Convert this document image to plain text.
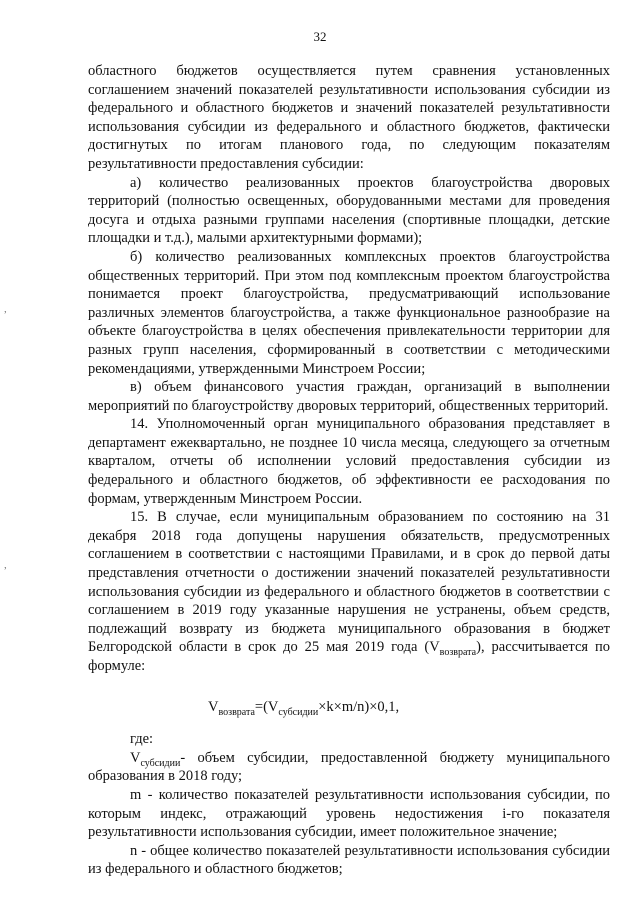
32

областного бюджетов осуществляется путем сравнения установленных соглашением значений показателей результативности использования субсидии из федерального и областного бюджетов и значений показателей результативности использования субсидии из федерального и областного бюджетов, фактически достигнутых по итогам планового года, по следующим показателям результативности предоставления субсидии:

а) количество реализованных проектов благоустройства дворовых территорий (полностью освещенных, оборудованными местами для проведения досуга и отдыха разными группами населения (спортивные площадки, детские площадки и т.д.), малыми архитектурными формами);

б) количество реализованных комплексных проектов благоустройства общественных территорий. При этом под комплексным проектом благоустройства понимается проект благоустройства, предусматривающий использование различных элементов благоустройства, а также функциональное разнообразие на объекте благоустройства в целях обеспечения привлекательности территории для разных групп населения, сформированный в соответствии с методическими рекомендациями, утвержденными Минстроем России;

в) объем финансового участия граждан, организаций в выполнении мероприятий по благоустройству дворовых территорий, общественных территорий.

14. Уполномоченный орган муниципального образования представляет в департамент ежеквартально, не позднее 10 числа месяца, следующего за отчетным кварталом, отчеты об исполнении условий предоставления субсидии из федерального и областного бюджетов, об эффективности ее расходования по формам, утвержденным Минстроем России.

15. В случае, если муниципальным образованием по состоянию на 31 декабря 2018 года допущены нарушения обязательств, предусмотренных соглашением в соответствии с настоящими Правилами, и в срок до первой даты представления отчетности о достижении значений показателей результативности использования субсидии из федерального и областного бюджетов в соответствии с соглашением в 2019 году указанные нарушения не устранены, объем средств, подлежащий возврату из бюджета муниципального образования в бюджет Белгородской области в срок до 25 мая 2019 года $(V_{возврата})$, рассчитывается по формуле:

$V_{возврата}=(V_{субсидии}\times k\times m/n)\times 0,1$,

где:

$V_{субсидии}-$ объем субсидии, предоставленной бюджету муниципального образования в 2018 году;

m - количество показателей результативности использования субсидии, по которым индекс, отражающий уровень недостижения i-го показателя результативности использования субсидии, имеет положительное значение;

n - общее количество показателей результативности использования субсидии из федерального и областного бюджетов;

,
,
